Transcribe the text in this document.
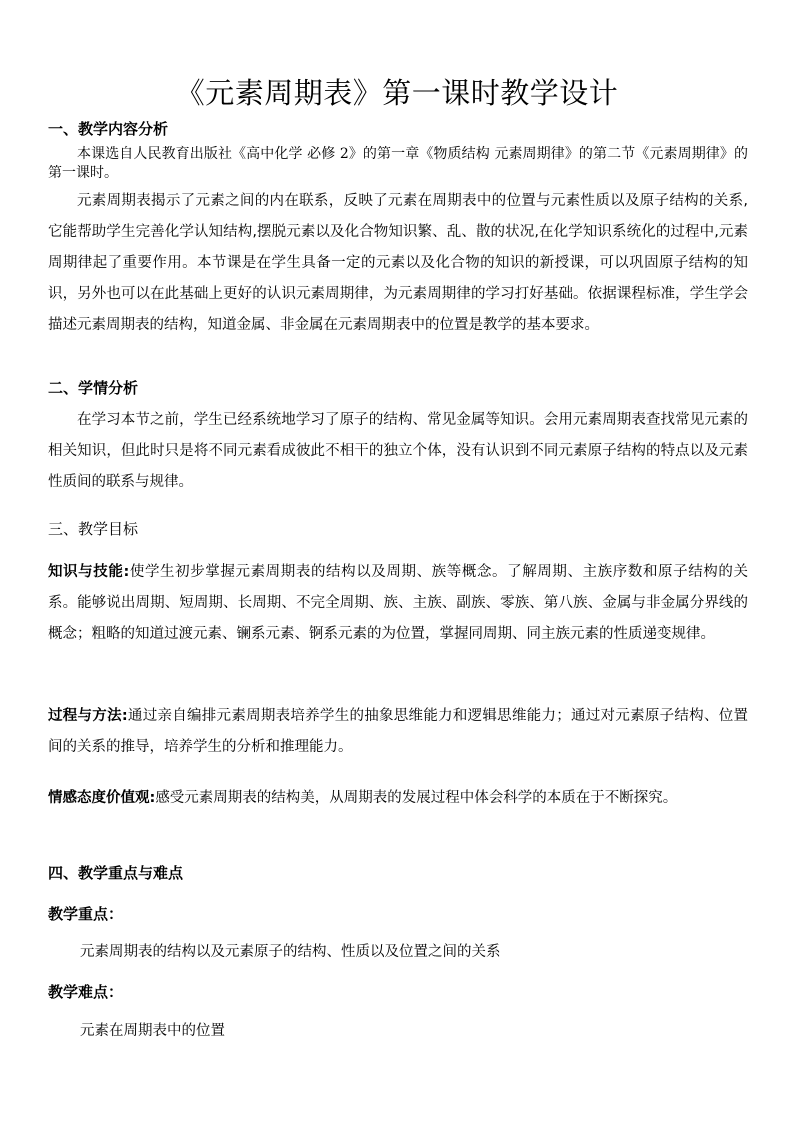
《元素周期表》第一课时教学设计
一、教学内容分析
本课选自人民教育出版社《高中化学 必修 2》的第一章《物质结构 元素周期律》的第二节《元素周期律》的第一课时。
元素周期表揭示了元素之间的内在联系，反映了元素在周期表中的位置与元素性质以及原子结构的关系,它能帮助学生完善化学认知结构,摆脱元素以及化合物知识繁、乱、散的状况,在化学知识系统化的过程中,元素周期律起了重要作用。本节课是在学生具备一定的元素以及化合物的知识的新授课，可以巩固原子结构的知识，另外也可以在此基础上更好的认识元素周期律，为元素周期律的学习打好基础。依据课程标准，学生学会描述元素周期表的结构，知道金属、非金属在元素周期表中的位置是教学的基本要求。
二、学情分析
在学习本节之前，学生已经系统地学习了原子的结构、常见金属等知识。会用元素周期表查找常见元素的相关知识，但此时只是将不同元素看成彼此不相干的独立个体，没有认识到不同元素原子结构的特点以及元素性质间的联系与规律。
三、教学目标
知识与技能:使学生初步掌握元素周期表的结构以及周期、族等概念。了解周期、主族序数和原子结构的关系。能够说出周期、短周期、长周期、不完全周期、族、主族、副族、零族、第八族、金属与非金属分界线的概念；粗略的知道过渡元素、镧系元素、锕系元素的为位置，掌握同周期、同主族元素的性质递变规律。
过程与方法:通过亲自编排元素周期表培养学生的抽象思维能力和逻辑思维能力；通过对元素原子结构、位置间的关系的推导，培养学生的分析和推理能力。
情感态度价值观:感受元素周期表的结构美，从周期表的发展过程中体会科学的本质在于不断探究。
四、教学重点与难点
教学重点：
元素周期表的结构以及元素原子的结构、性质以及位置之间的关系
教学难点：
元素在周期表中的位置
